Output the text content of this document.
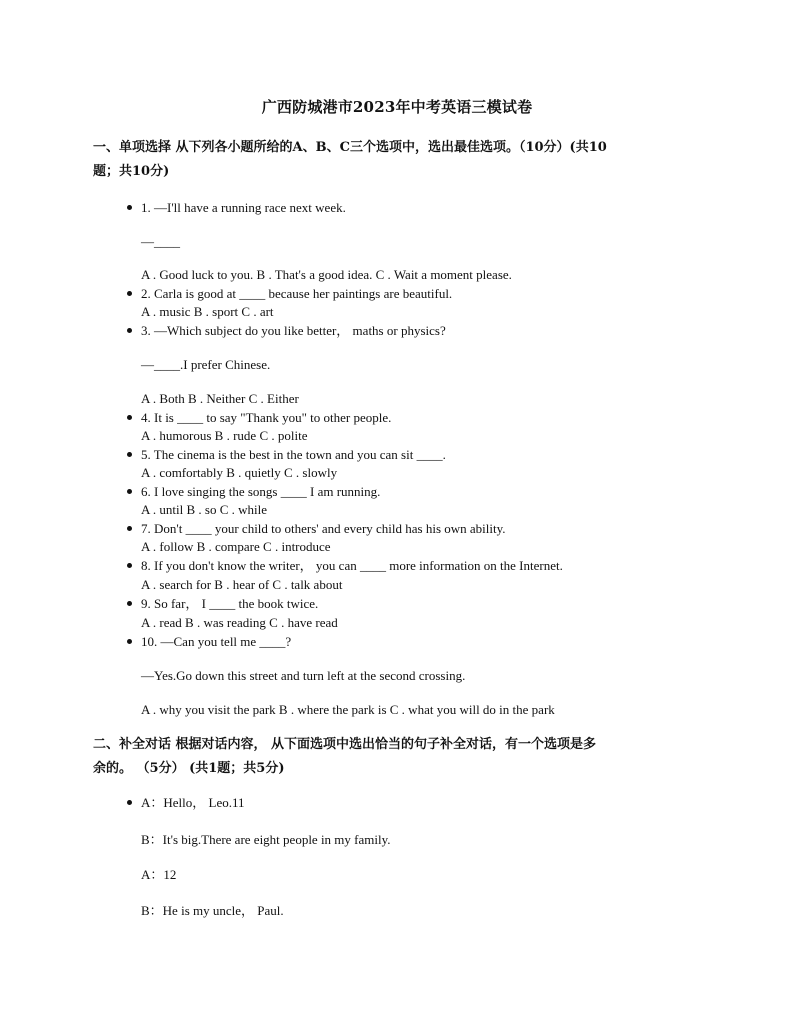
广西防城港市2023年中考英语三模试卷
一、单项选择 从下列各小题所给的A、B、C三个选项中，选出最佳选项。（10分）(共10
题；共10分)
1. —I'll have a running race next week.
—____
A . Good luck to you. B . That's a good idea. C . Wait a moment please.
2. Carla is good at ____ because her paintings are beautiful.
A . music B . sport C . art
3. —Which subject do you like better， maths or physics?
—____.I prefer Chinese.
A . Both B . Neither C . Either
4. It is ____ to say "Thank you" to other people.
A . humorous B . rude C . polite
5. The cinema is the best in the town and you can sit ____.
A . comfortably B . quietly C . slowly
6. I love singing the songs ____ I am running.
A . until B . so C . while
7. Don't ____ your child to others' and every child has his own ability.
A . follow B . compare C . introduce
8. If you don't know the writer， you can ____ more information on the Internet.
A . search for B . hear of C . talk about
9. So far， I ____ the book twice.
A . read B . was reading C . have read
10. —Can you tell me ____?
—Yes.Go down this street and turn left at the second crossing.
A . why you visit the park B . where the park is C . what you will do in the park
二、补全对话 根据对话内容， 从下面选项中选出恰当的句子补全对话，有一个选项是多
余的。 （5分） (共1题；共5分)
A：Hello， Leo.11
B：It's big.There are eight people in my family.
A：12
B：He is my uncle， Paul.
